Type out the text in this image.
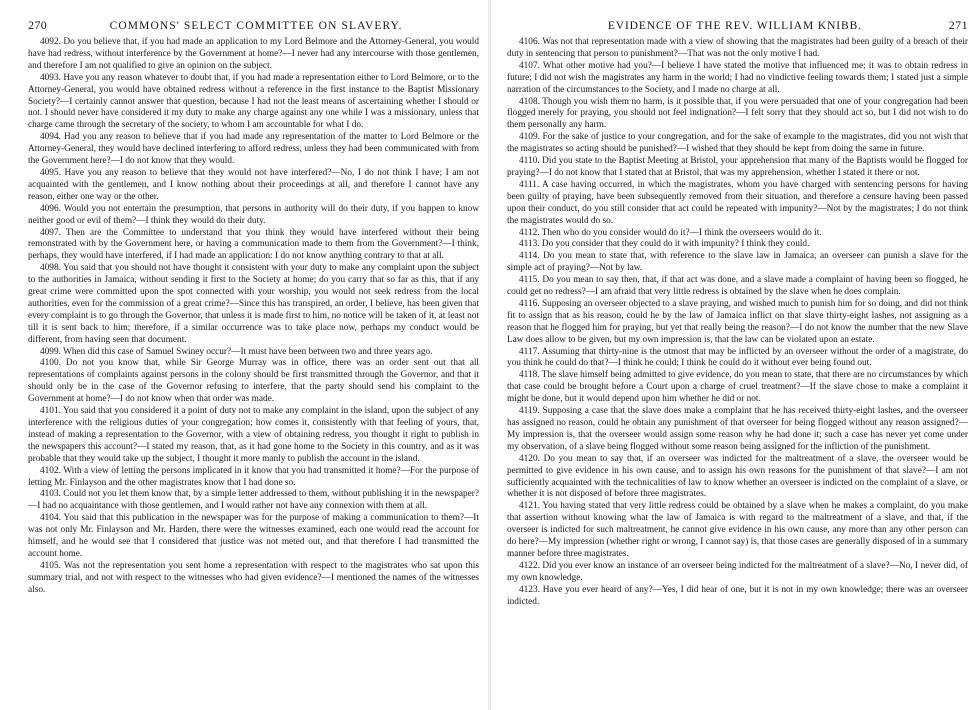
270	COMMONS' SELECT COMMITTEE ON SLAVERY.

4092. Do you believe that, if you had made an application to my Lord Belmore and the Attorney-General, you would have had redress, without interference by the Government at home?—I never had any intercourse with those gentlemen, and therefore I am not qualified to give an opinion on the subject.

4093. Have you any reason whatever to doubt that, if you had made a representation either to Lord Belmore, or to the Attorney-General, you would have obtained redress without a reference in the first instance to the Baptist Missionary Society?—I certainly cannot answer that question, because I had not the least means of ascertaining whether I should or not. I should never have considered it my duty to make any charge against any one while I was a missionary, unless that charge came through the secretary of the society, to whom I am accountable for what I do.

4094. Had you any reason to believe that if you had made any representation of the matter to Lord Belmore or the Attorney-General, they would have declined interfering to afford redress, unless they had been communicated with from the Government here?—I do not know that they would.

4095. Have you any reason to believe that they would not have interfered?—No, I do not think I have; I am not acquainted with the gentlemen, and I know nothing about their proceedings at all, and therefore I cannot have any reason, either one way or the other.

4096. Would you not entertain the presumption, that persons in authority will do their duty, if you happen to know neither good or evil of them?—I think they would do their duty.

4097. Then are the Committee to understand that you think they would have interfered without their being remonstrated with by the Government here, or having a communication made to them from the Government?—I think, perhaps, they would have interfered, if I had made an application: I do not know anything contrary to that at all.

4098. You said that you should not have thought it consistent with your duty to make any complaint upon the subject to the authorities in Jamaica, without sending it first to the Society at home; do you carry that so far as this, that if any great crime were committed upon the spot connected with your worship, you would not seek redress from the local authorities, even for the commission of a great crime?—Since this has transpired, an order, I believe, has been given that every complaint is to go through the Governor, that unless it is made first to him, no notice will be taken of it, at least not till it is sent back to him; therefore, if a similar occurrence was to take place now, perhaps my conduct would be different, from having seen that document.

4099. When did this case of Samuel Swiney occur?—It must have been between two and three years ago.

4100. Do not you know that, while Sir George Murray was in office, there was an order sent out that all representations of complaints against persons in the colony should be first transmitted through the Governor, and that it should only be in the case of the Governor refusing to interfere, that the party should send his complaint to the Government at home?—I do not know when that order was made.

4101. You said that you considered it a point of duty not to make any complaint in the island, upon the subject of any interference with the religious duties of your congregation; how comes it, consistently with that feeling of yours, that, instead of making a representation to the Governor, with a view of obtaining redress, you thought it right to publish in the newspapers this account?—I stated my reason, that, as it had gone home to the Society in this country, and as it was probable that they would take up the subject, I thought it more manly to publish the account in the island.

4102. With a view of letting the persons implicated in it know that you had transmitted it home?—For the purpose of letting Mr. Finlayson and the other magistrates know that I had done so.

4103. Could not you let them know that, by a simple letter addressed to them, without publishing it in the newspaper?—I had no acquaintance with those gentlemen, and I would rather not have any connexion with them at all.

4104. You said that this publication in the newspaper was for the purpose of making a communication to them?—It was not only Mr. Finlayson and Mr. Harden, there were the witnesses examined, each one would read the account for himself, and he would see that I considered that justice was not meted out, and that therefore I had transmitted the account home.

4105. Was not the representation you sent home a representation with respect to the magistrates who sat upon this summary trial, and not with respect to the witnesses who had given evidence?—I mentioned the names of the witnesses also.

EVIDENCE OF THE REV. WILLIAM KNIBB.	271

4106. Was not that representation made with a view of showing that the magistrates had been guilty of a breach of their duty in sentencing that person to punishment?—That was not the only motive I had.

4107. What other motive had you?—I believe I have stated the motive that influenced me; it was to obtain redress in future; I did not wish the magistrates any harm in the world; I had no vindictive feeling towards them; I stated just a simple narration of the circumstances to the Society, and I made no charge at all.

4108. Though you wish them no harm, is it possible that, if you were persuaded that one of your congregation had been flogged merely for praying, you should not feel indignation?—I felt sorry that they should act so, but I did not wish to do them personally any harm.

4109. For the sake of justice to your congregation, and for the sake of example to the magistrates, did you not wish that the magistrates so acting should be punished?—I wished that they should be kept from doing the same in future.

4110. Did you state to the Baptist Meeting at Bristol, your apprehension that many of the Baptists would be flogged for praying?—I do not know that I stated that at Bristol, that was my apprehension, whether I stated it there or not.

4111. A case having occurred, in which the magistrates, whom you have charged with sentencing persons for having been guilty of praying, have been subsequently removed from their situation, and therefore a censure having been passed upon their conduct, do you still consider that act could be repeated with impunity?—Not by the magistrates; I do not think the magistrates would do so.

4112. Then who do you consider would do it?—I think the overseers would do it.

4113. Do you consider that they could do it with impunity? I think they could.

4114. Do you mean to state that, with reference to the slave law in Jamaica, an overseer can punish a slave for the simple act of praying?—Not by law.

4115. Do you mean to say then, that, if that act was done, and a slave made a complaint of having been so flogged, he could get no redress?—I am afraid that very little redress is obtained by the slave when he does complain.

4116. Supposing an overseer objected to a slave praying, and wished much to punish him for so doing, and did not think fit to assign that as his reason, could he by the law of Jamaica inflict on that slave thirty-eight lashes, not assigning as a reason that he flogged him for praying, but yet that really being the reason?—I do not know the number that the new Slave Law does allow to be given, but my own impression is, that the law can be violated upon an estate.

4117. Assuming that thirty-nine is the utmost that may be inflicted by an overseer without the order of a magistrate, do you think he could do that?—I think he could; I think he could do it without ever being found out.

4118. The slave himself being admitted to give evidence, do you mean to state, that there are no circumstances by which that case could be brought before a Court upon a charge of cruel treatment?—If the slave chose to make a complaint it might be done, but it would depend upon him whether he did or not.

4119. Supposing a case that the slave does make a complaint that he has received thirty-eight lashes, and the overseer has assigned no reason, could he obtain any punishment of that overseer for being flogged without any reason assigned?—My impression is, that the overseer would assign some reason why he had done it; such a case has never yet come under my observation, of a slave being flogged without some reason being assigned for the infliction of the punishment.

4120. Do you mean to say that, if an overseer was indicted for the maltreatment of a slave, the overseer would be permitted to give evidence in his own cause, and to assign his own reasons for the punishment of that slave?—I am not sufficiently acquainted with the technicalities of law to know whether an overseer is indicted on the complaint of a slave, or whether it is not disposed of before three magistrates.

4121. You having stated that very little redress could be obtained by a slave when he makes a complaint, do you make that assertion without knowing what the law of Jamaica is with regard to the maltreatment of a slave, and that, if the overseer is indicted for such maltreatment, he cannot give evidence in his own cause, any more than any other person can do here?—My impression (whether right or wrong, I cannot say) is, that those cases are generally disposed of in a summary manner before three magistrates.

4122. Did you ever know an instance of an overseer being indicted for the maltreatment of a slave?—No, I never did, of my own knowledge.

4123. Have you ever heard of any?—Yes, I did hear of one, but it is not in my own knowledge; there was an overseer indicted.
